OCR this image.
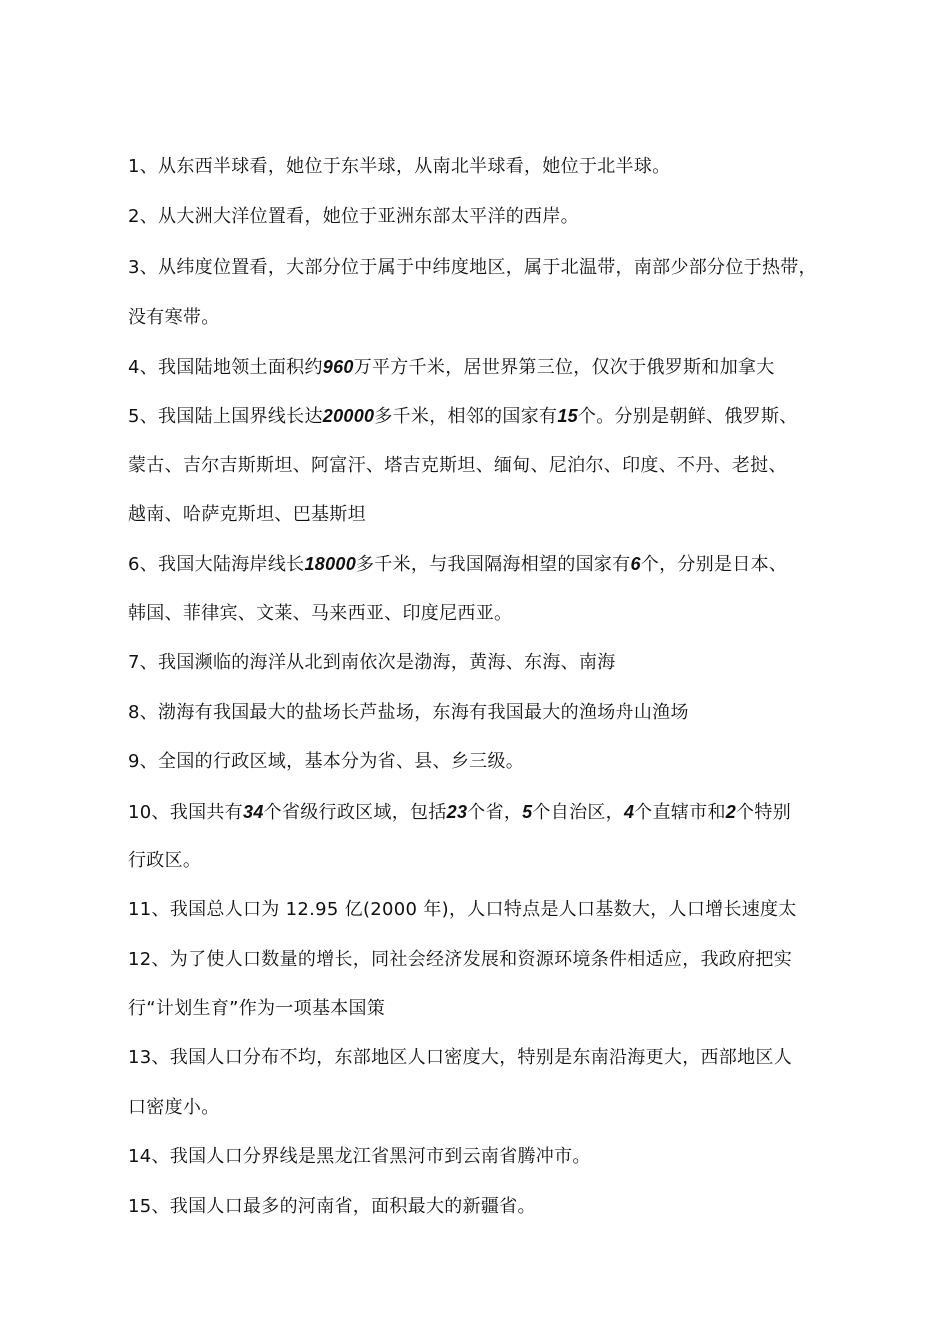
1、从东西半球看，她位于东半球，从南北半球看，她位于北半球。
2、从大洲大洋位置看，她位于亚洲东部太平洋的西岸。
3、从纬度位置看，大部分位于属于中纬度地区，属于北温带，南部少部分位于热带，
没有寒带。
4、我国陆地领土面积约960万平方千米，居世界第三位，仅次于俄罗斯和加拿大
5、我国陆上国界线长达20000多千米，相邻的国家有15个。分别是朝鲜、俄罗斯、
蒙古、吉尔吉斯斯坦、阿富汗、塔吉克斯坦、缅甸、尼泊尔、印度、不丹、老挝、
越南、哈萨克斯坦、巴基斯坦
6、我国大陆海岸线长18000多千米，与我国隔海相望的国家有6个，分别是日本、
韩国、菲律宾、文莱、马来西亚、印度尼西亚。
7、我国濒临的海洋从北到南依次是渤海，黄海、东海、南海
8、渤海有我国最大的盐场长芦盐场，东海有我国最大的渔场舟山渔场
9、全国的行政区域，基本分为省、县、乡三级。
10、我国共有34个省级行政区域，包括23个省，5个自治区，4个直辖市和2个特别
行政区。
11、我国总人口为 12.95 亿(2000 年)，人口特点是人口基数大，人口增长速度太
12、为了使人口数量的增长，同社会经济发展和资源环境条件相适应，我政府把实
行“计划生育”作为一项基本国策
13、我国人口分布不均，东部地区人口密度大，特别是东南沿海更大，西部地区人
口密度小。
14、我国人口分界线是黑龙江省黑河市到云南省腾冲市。
15、我国人口最多的河南省，面积最大的新疆省。
